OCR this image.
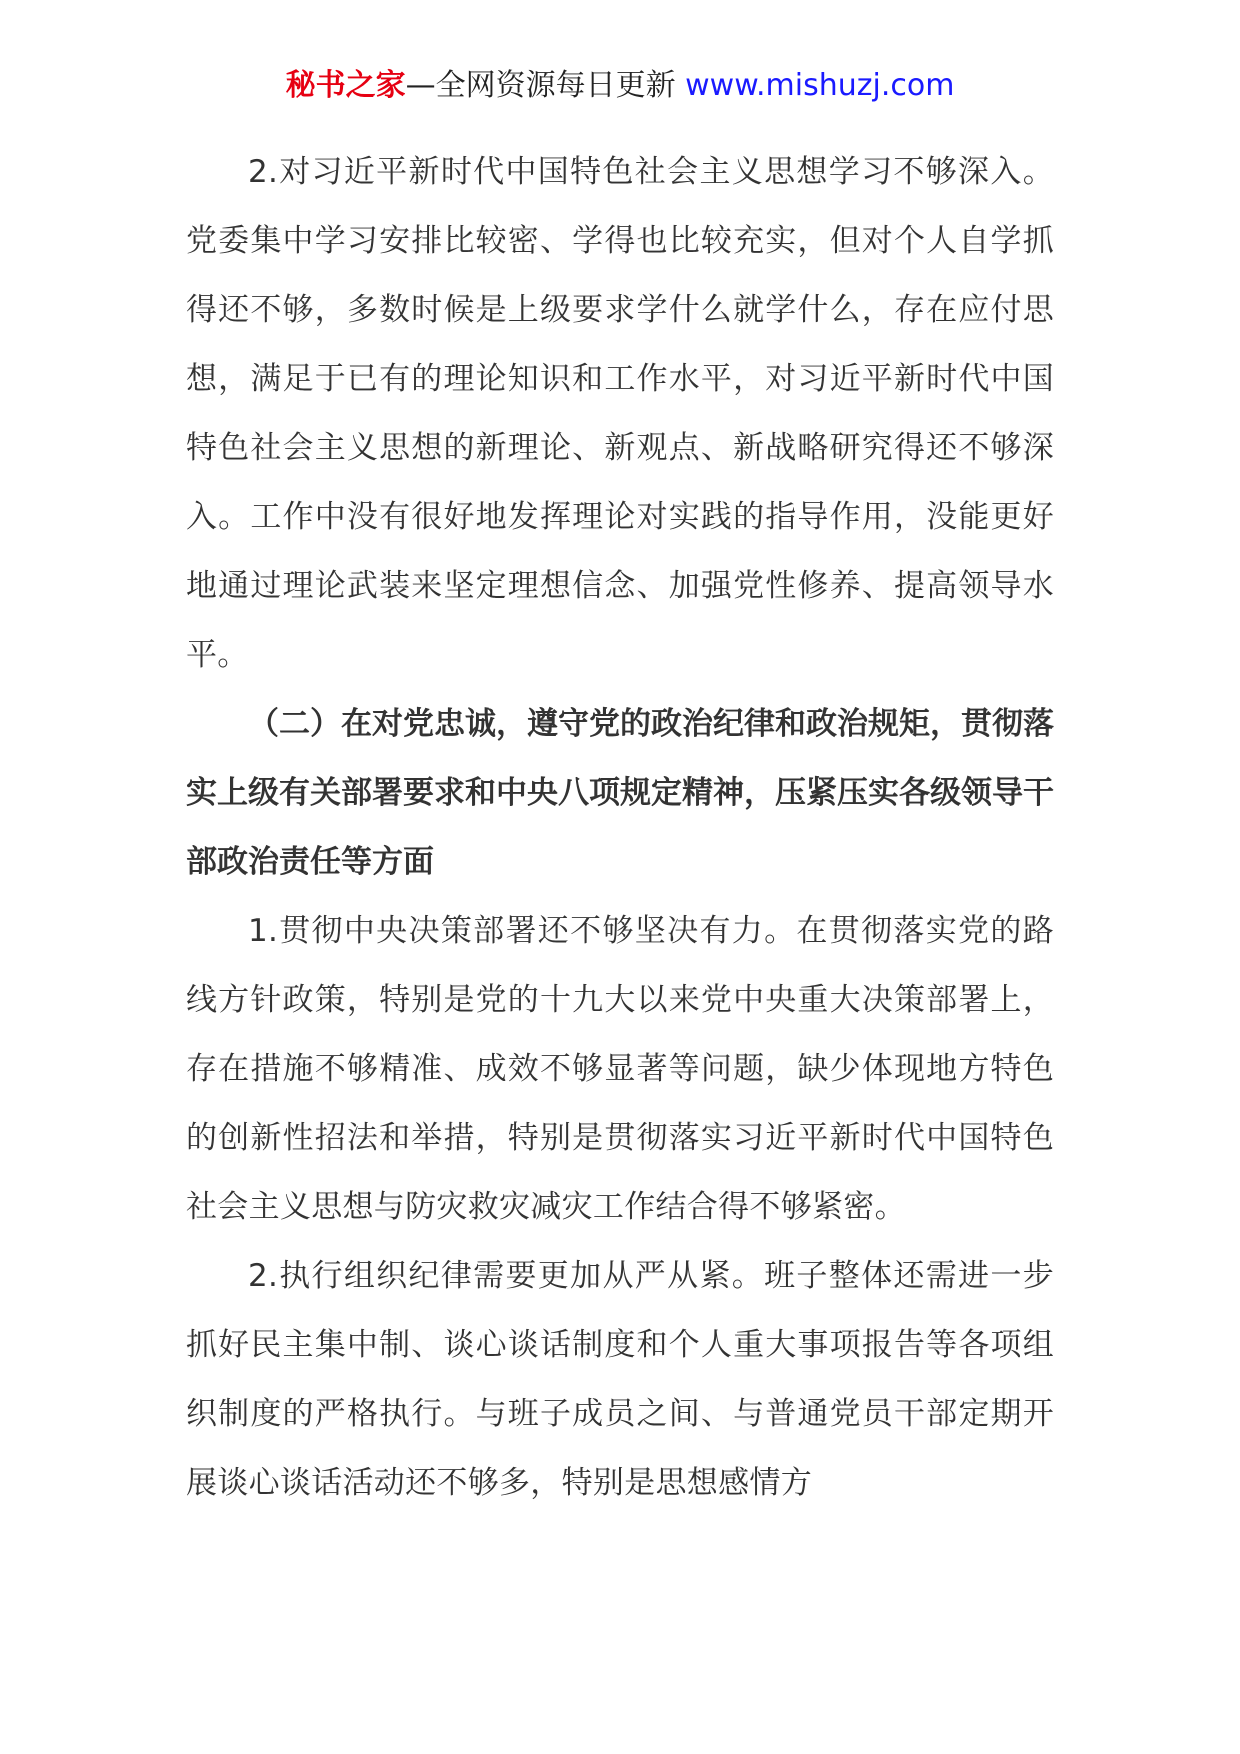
秘书之家—全网资源每日更新 www.mishuzj.com

2.对习近平新时代中国特色社会主义思想学习不够深入。党委集中学习安排比较密、学得也比较充实，但对个人自学抓得还不够，多数时候是上级要求学什么就学什么，存在应付思想，满足于已有的理论知识和工作水平，对习近平新时代中国特色社会主义思想的新理论、新观点、新战略研究得还不够深入。工作中没有很好地发挥理论对实践的指导作用，没能更好地通过理论武装来坚定理想信念、加强党性修养、提高领导水平。

（二）在对党忠诚，遵守党的政治纪律和政治规矩，贯彻落实上级有关部署要求和中央八项规定精神，压紧压实各级领导干部政治责任等方面

1.贯彻中央决策部署还不够坚决有力。在贯彻落实党的路线方针政策，特别是党的十九大以来党中央重大决策部署上，存在措施不够精准、成效不够显著等问题，缺少体现地方特色的创新性招法和举措，特别是贯彻落实习近平新时代中国特色社会主义思想与防灾救灾减灾工作结合得不够紧密。

2.执行组织纪律需要更加从严从紧。班子整体还需进一步抓好民主集中制、谈心谈话制度和个人重大事项报告等各项组织制度的严格执行。与班子成员之间、与普通党员干部定期开展谈心谈话活动还不够多，特别是思想感情方
